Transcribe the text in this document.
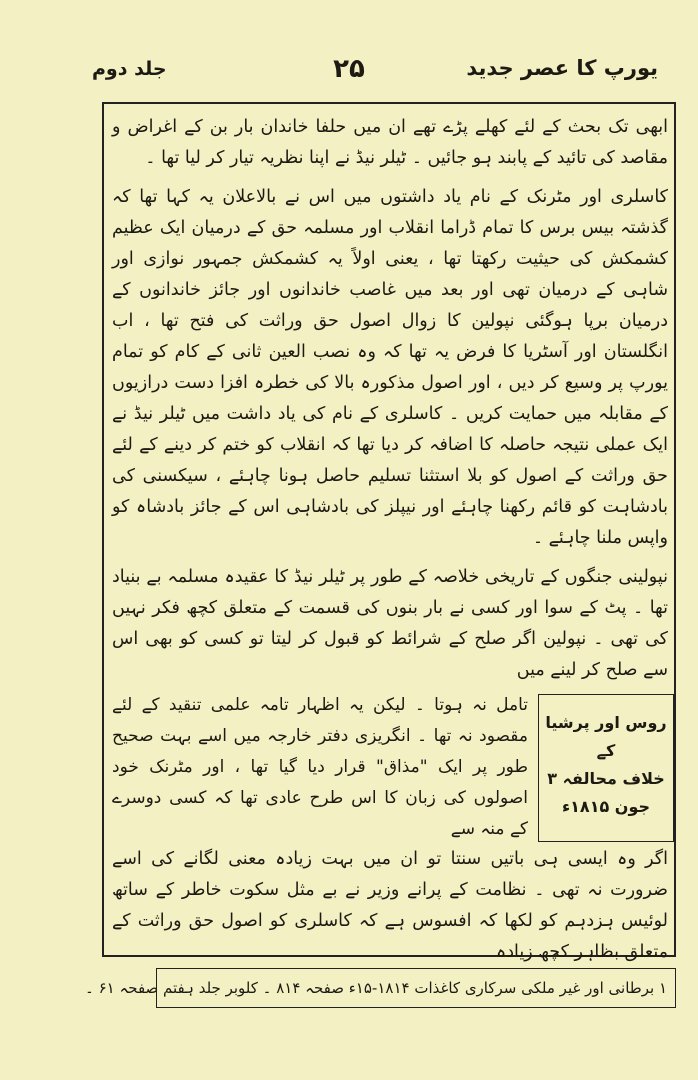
یورپ کا عصر جدید
۲۵
جلد دوم

ابھی تک بحث کے لئے کھلے پڑے تھے ان میں حلفا خاندان بار بن کے اغراض و مقاصد کی تائید کے پابند ہو جائیں ۔ ٹیلر نیڈ نے اپنا نظریہ تیار کر لیا تھا ۔

کاسلری اور مٹرنک کے نام یاد داشتوں میں اس نے بالاعلان یہ کہا تھا کہ گذشتہ بیس برس کا تمام ڈراما انقلاب اور مسلمہ حق کے درمیان ایک عظیم کشمکش کی حیثیت رکھتا تھا ، یعنی اولاً یہ کشمکش جمہور نوازی اور شاہی کے درمیان تھی اور بعد میں غاصب خاندانوں اور جائز خاندانوں کے درمیان برپا ہوگئی نپولین کا زوال اصول حق وراثت کی فتح تھا ، اب انگلستان اور آسٹریا کا فرض یہ تھا کہ وہ نصب العین ثانی کے کام کو تمام یورپ پر وسیع کر دیں ، اور اصول مذکورہ بالا کی خطرہ افزا دست درازیوں کے مقابلہ میں حمایت کریں ۔ کاسلری کے نام کی یاد داشت میں ٹیلر نیڈ نے ایک عملی نتیجہ حاصلہ کا اضافہ کر دیا تھا کہ انقلاب کو ختم کر دینے کے لئے حق وراثت کے اصول کو بلا استثنا تسلیم حاصل ہونا چاہئے ، سیکسنی کی بادشاہت کو قائم رکھنا چاہئے اور نیپلز کی بادشاہی اس کے جائز بادشاہ کو واپس ملنا چاہئے ۔

نپولینی جنگوں کے تاریخی خلاصہ کے طور پر ٹیلر نیڈ کا عقیدہ مسلمہ بے بنیاد تھا ۔ پٹ کے سوا اور کسی نے بار بنوں کی قسمت کے متعلق کچھ فکر نہیں کی تھی ۔ نپولین اگر صلح کے شرائط کو قبول کر لیتا تو کسی کو بھی اس سے صلح کر لینے میں

روس اور پرشیا کے
خلاف محالفہ ۳ جون ۱۸۱۵ء

تامل نہ ہوتا ۔ لیکن یہ اظہار تامہ علمی تنقید کے لئے مقصود نہ تھا ۔ انگریزی دفتر خارجہ میں اسے بہت صحیح طور پر ایک "مذاق" قرار دیا گیا تھا ، اور مٹرنک خود اصولوں کی زبان کا اس طرح عادی تھا کہ کسی دوسرے کے منہ سے

اگر وہ ایسی ہی باتیں سنتا تو ان میں بہت زیادہ معنی لگانے کی اسے ضرورت نہ تھی ۔ نظامت کے پرانے وزیر نے بے مثل سکوت خاطر کے ساتھ لوئیس ہزدہم کو لکھا کہ افسوس ہے کہ کاسلری کو اصول حق وراثت کے متعلق بظاہر کچھ زیادہ

۱ برطانی اور غیر ملکی سرکاری کاغذات ۱۸۱۴-۱۵ء صفحہ ۸۱۴ ۔ کلوبر جلد ہفتم صفحہ ۶۱ ۔
